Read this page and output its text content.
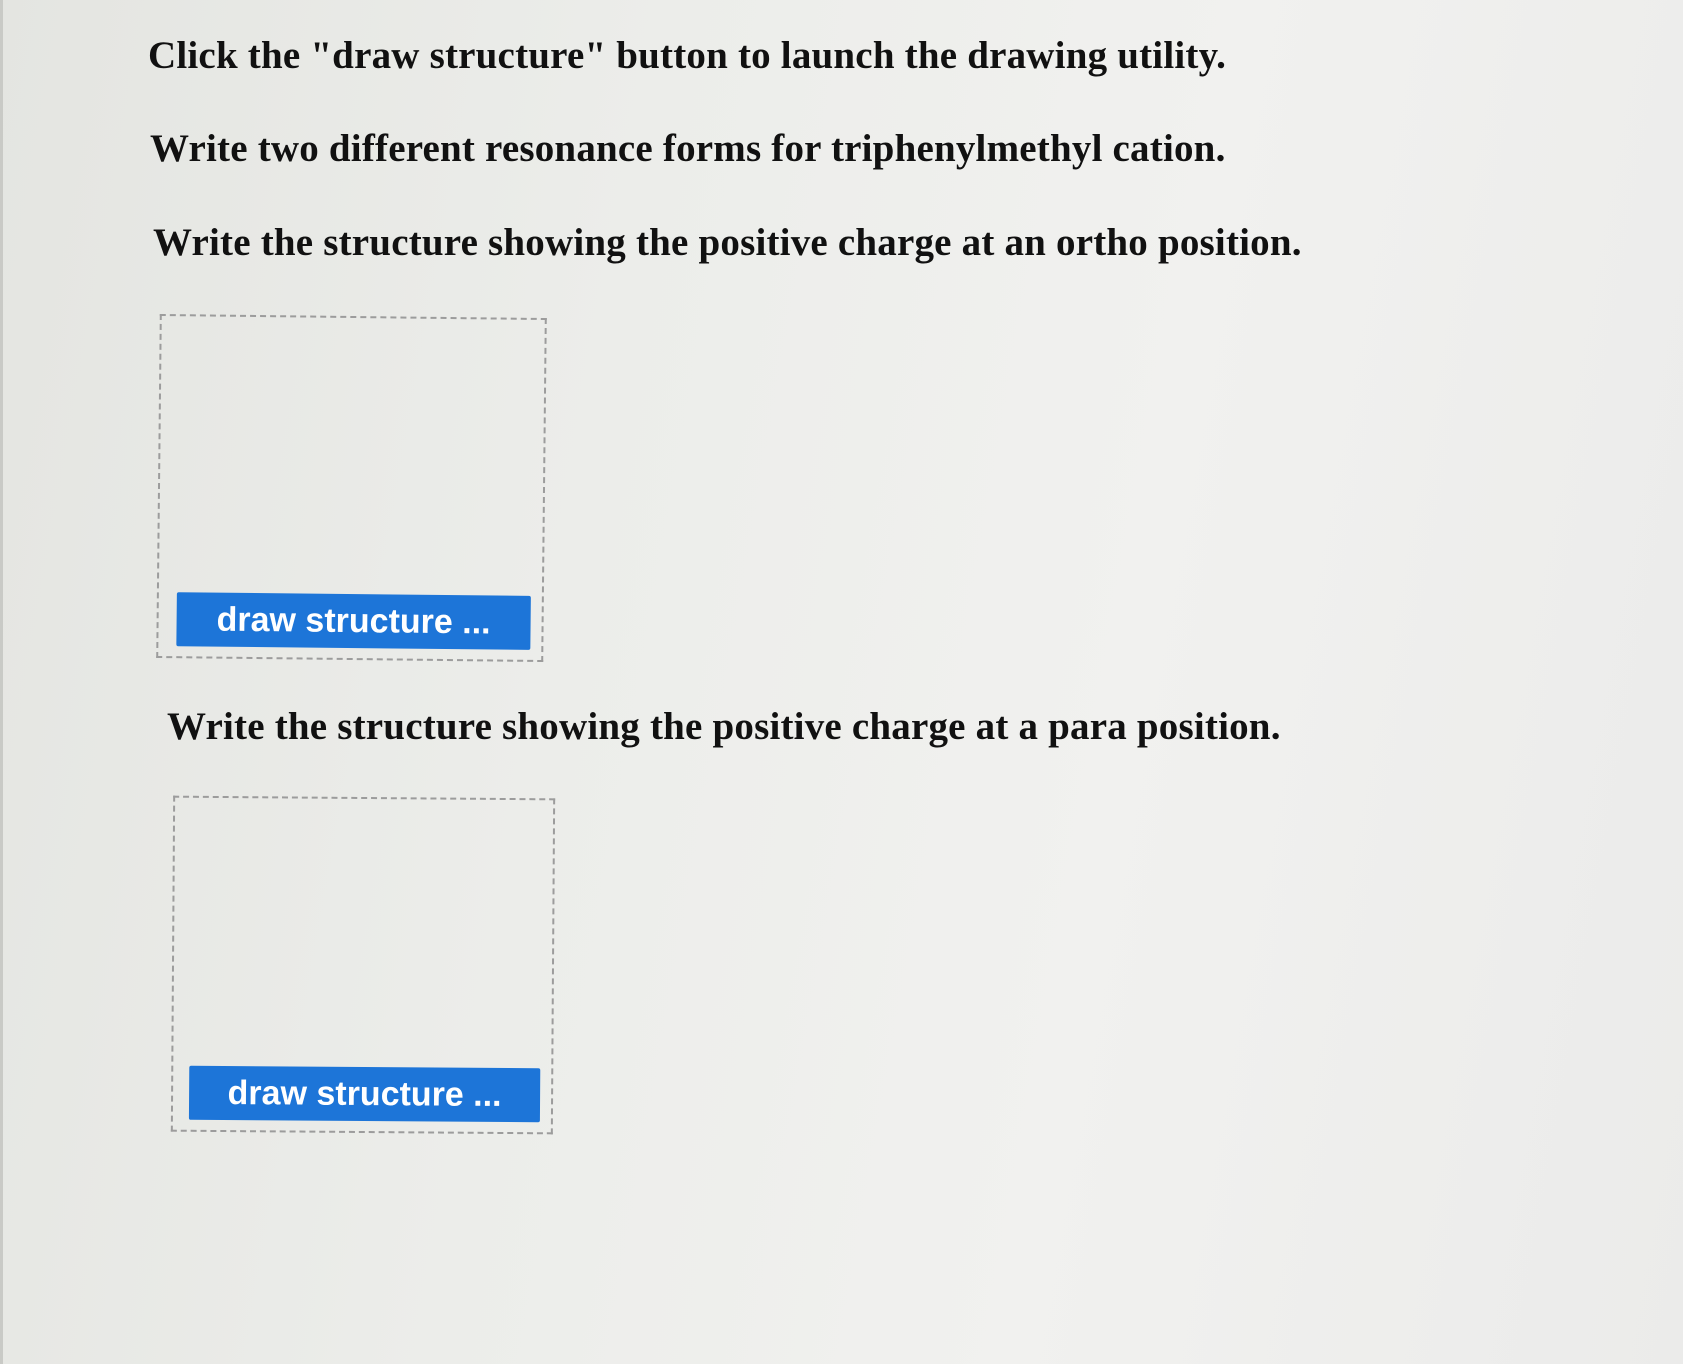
Click the "draw structure" button to launch the drawing utility.

Write two different resonance forms for triphenylmethyl cation.

Write the structure showing the positive charge at an ortho position.

draw structure ...

Write the structure showing the positive charge at a para position.

draw structure ...
